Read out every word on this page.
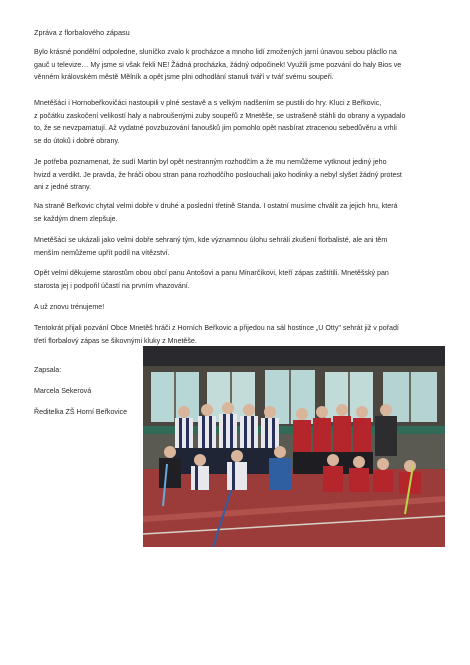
Zpráva z florbalového zápasu
Bylo krásné pondělní odpoledne, sluníčko zvalo k procházce a mnoho lidí zmožených jarní únavou sebou plácllo na
gauč u televize… My jsme si však řekli NE! Žádná procházka, žádný odpočinek! Využili jsme pozvání do haly Bios ve
věnném královském městě Mělník a opět jsme plni odhodlání stanuli tváří v tvář svému soupeři.
Mnetěšáci i Hornobeřkovičáci nastoupili v plné sestavě a s velkým nadšením se pustili do hry. Kluci z Beřkovic,
z počátku zaskočení velikostí haly a nabroušenými zuby soupeřů z Mnetěše, se ustrašeně stáhli do obrany a vypadalo
to, že se nevzpamatují. Až vydatné povzbuzování fanoušků jim pomohlo opět nasbírat ztracenou sebedůvěru a vrhli
se do útoků i dobré obrany.
Je potřeba poznamenat, že sudí Martin byl opět nestranným rozhodčím a že mu nemůžeme vytknout jediný jeho
hvizd a verdikt. Je pravda, že hráči obou stran pana rozhodčího poslouchali jako hodinky a nebyl slyšet žádný protest
ani z jedné strany.
Na straně Beřkovic chytal velmi dobře v druhé a poslední třetině Standa. I ostatní musíme chválit za jejich hru, která
se každým dnem zlepšuje.
Mnetěšáci se ukázali jako velmi dobře sehraný tým, kde významnou úlohu sehráli zkušení florbalisté, ale ani těm
menším nemůžeme upřít podíl na vítězství.
Opět velmi děkujeme starostům obou obcí panu Antošovi a panu Minarčíkovi, kteří zápas zaštítili. Mnetěšský pan
starosta jej i podpořil účastí na prvním vhazování.
A už znovu trénujeme!
Tentokrát přijali pozvání Obce Mnetěš hráči z Horních Beřkovic a přijedou na sál hostince „U Otty" sehrát již v pořadí
třetí florbalový zápas se šikovnými kluky z Mnetěše.
Zapsala:
Marcela Sekerová
Ředitelka ZŠ Horní Beřkovice
